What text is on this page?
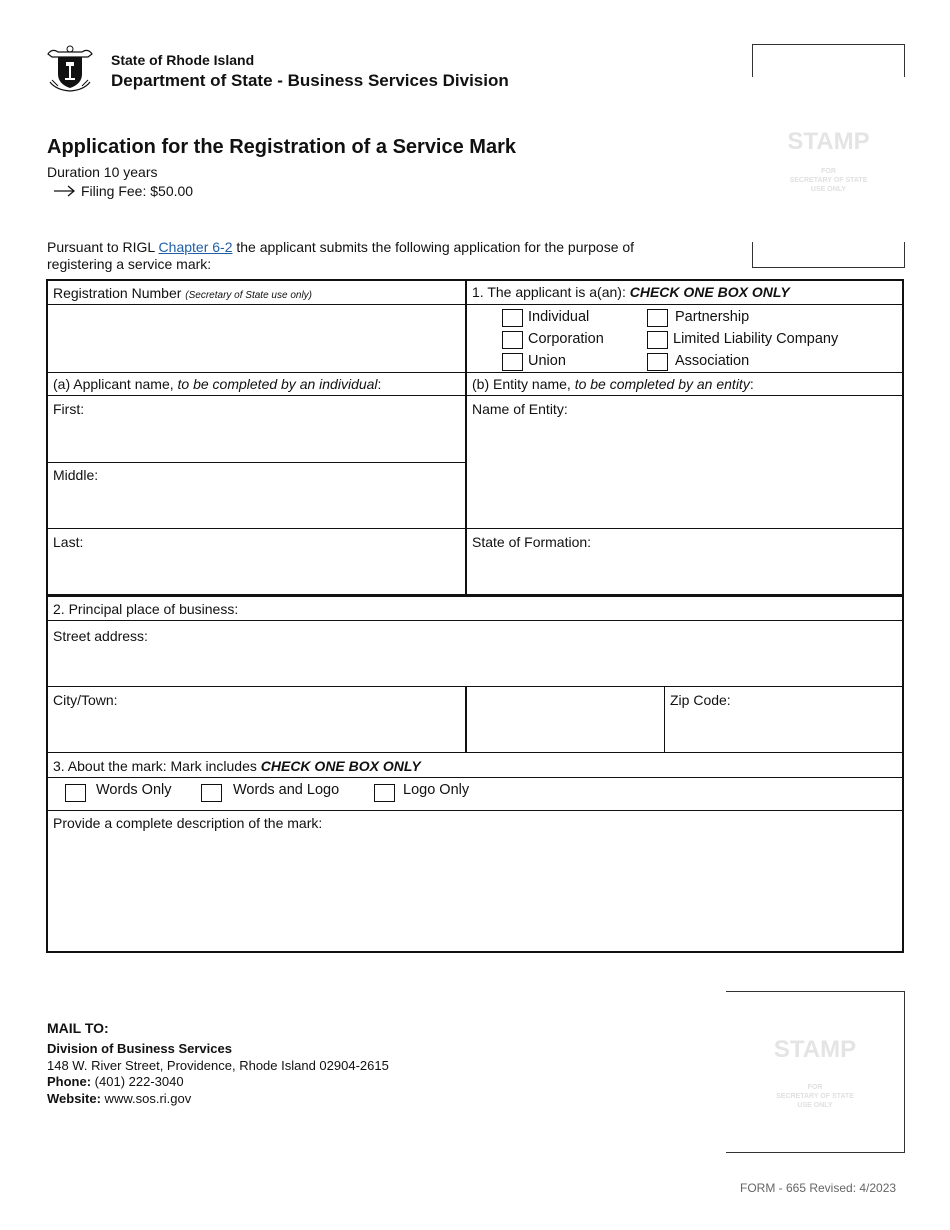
State of Rhode Island
Department of State - Business Services Division
Application for the Registration of a Service Mark
Duration 10 years
Filing Fee: $50.00
Pursuant to RIGL Chapter 6-2 the applicant submits the following application for the purpose of registering a service mark:
STAMP
FOR
SECRETARY OF STATE
USE ONLY
Registration Number (Secretary of State use only)	1. The applicant is a(an): CHECK ONE BOX ONLY
Individual	Partnership
Corporation	Limited Liability Company
Union	Association
(a) Applicant name, to be completed by an individual:	(b) Entity name, to be completed by an entity:
First:
Middle:
Last:
Name of Entity:
State of Formation:
2. Principal place of business:
Street address:
City/Town:	Zip Code:
3. About the mark: Mark includes CHECK ONE BOX ONLY
Words Only	Words and Logo	Logo Only
Provide a complete description of the mark:
MAIL TO:
Division of Business Services
148 W. River Street, Providence, Rhode Island 02904-2615
Phone: (401) 222-3040
Website: www.sos.ri.gov
STAMP
FOR
SECRETARY OF STATE
USE ONLY
FORM - 665 Revised: 4/2023
